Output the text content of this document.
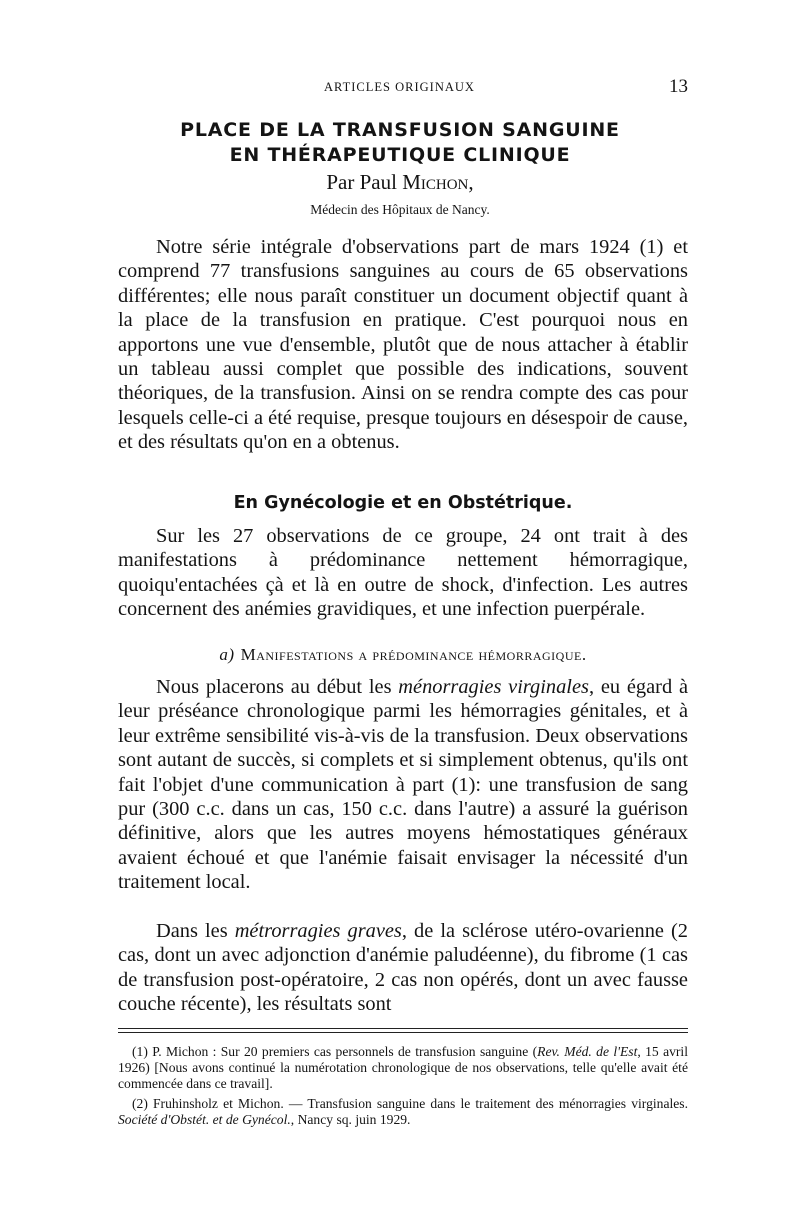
ARTICLES ORIGINAUX	13
PLACE DE LA TRANSFUSION SANGUINE
EN THÉRAPEUTIQUE CLINIQUE
Par Paul Michon,
Médecin des Hôpitaux de Nancy.

Notre série intégrale d'observations part de mars 1924 (1) et comprend 77 transfusions sanguines au cours de 65 observations différentes; elle nous paraît constituer un document objectif quant à la place de la transfusion en pratique. C'est pourquoi nous en apportons une vue d'ensemble, plutôt que de nous attacher à établir un tableau aussi complet que possible des indications, souvent théoriques, de la transfusion. Ainsi on se rendra compte des cas pour lesquels celle-ci a été requise, presque toujours en désespoir de cause, et des résultats qu'on en a obtenus.

En Gynécologie et en Obstétrique.

Sur les 27 observations de ce groupe, 24 ont trait à des manifestations à prédominance nettement hémorragique, quoiqu'entachées çà et là en outre de shock, d'infection. Les autres concernent des anémies gravidiques, et une infection puerpérale.

a) Manifestations a prédominance hémorragique.

Nous placerons au début les ménorragies virginales, eu égard à leur préséance chronologique parmi les hémorragies génitales, et à leur extrême sensibilité vis-à-vis de la transfusion. Deux observations sont autant de succès, si complets et si simplement obtenus, qu'ils ont fait l'objet d'une communication à part (1): une transfusion de sang pur (300 c.c. dans un cas, 150 c.c. dans l'autre) a assuré la guérison définitive, alors que les autres moyens hémostatiques généraux avaient échoué et que l'anémie faisait envisager la nécessité d'un traitement local.

Dans les métrorragies graves, de la sclérose utéro-ovarienne (2 cas, dont un avec adjonction d'anémie paludéenne), du fibrome (1 cas de transfusion post-opératoire, 2 cas non opérés, dont un avec fausse couche récente), les résultats sont

(1) P. Michon : Sur 20 premiers cas personnels de transfusion sanguine (Rev. Méd. de l'Est, 15 avril 1926) [Nous avons continué la numérotation chronologique de nos observations, telle qu'elle avait été commencée dans ce travail].

(2) Fruhinsholz et Michon. — Transfusion sanguine dans le traitement des ménorragies virginales. Société d'Obstét. et de Gynécol., Nancy sq. juin 1929.
